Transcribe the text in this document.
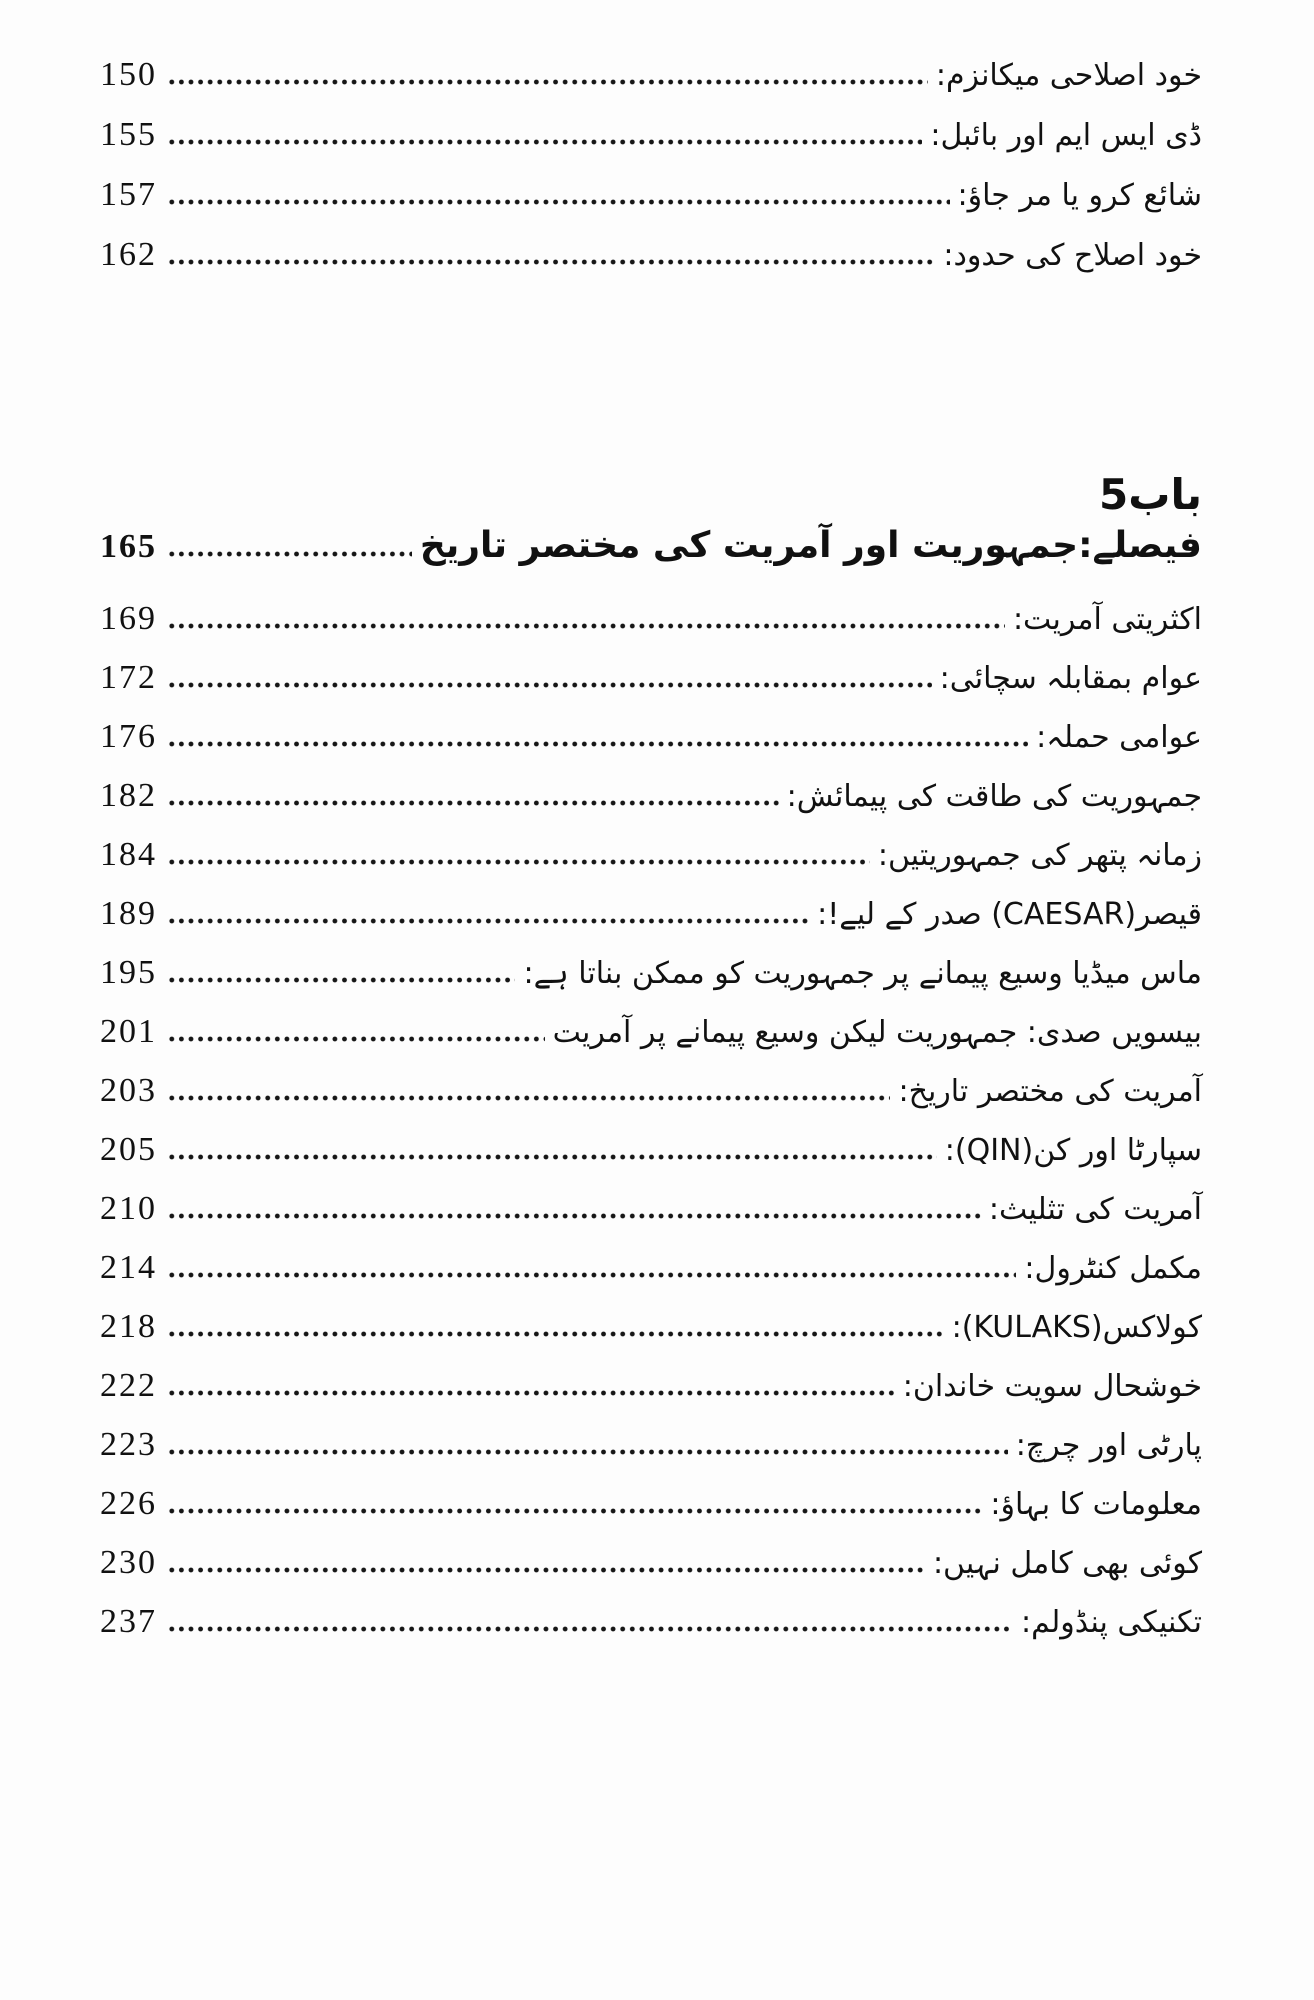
خود اصلاحی میکانزم:
150
ڈی ایس ایم اور بائبل:
155
شائع کرو یا مر جاؤ:
157
خود اصلاح کی حدود:
162
باب5
فیصلے:جمہوریت اور آمریت کی مختصر تاریخ
165
اکثریتی آمریت:
169
عوام بمقابلہ سچائی:
172
عوامی حملہ:
176
جمہوریت کی طاقت کی پیمائش:
182
زمانہ پتھر کی جمہوریتیں:
184
قیصر(CAESAR) صدر کے لیے!:
189
ماس میڈیا وسیع پیمانے پر جمہوریت کو ممکن بناتا ہے:
195
بیسویں صدی: جمہوریت لیکن وسیع پیمانے پر آمریت
201
آمریت کی مختصر تاریخ:
203
سپارٹا اور کن(QIN):
205
آمریت کی تثلیث:
210
مکمل کنٹرول:
214
کولاکس(KULAKS):
218
خوشحال سویت خاندان:
222
پارٹی اور چرچ:
223
معلومات کا بہاؤ:
226
کوئی بھی کامل نہیں:
230
تکنیکی پنڈولم:
237
